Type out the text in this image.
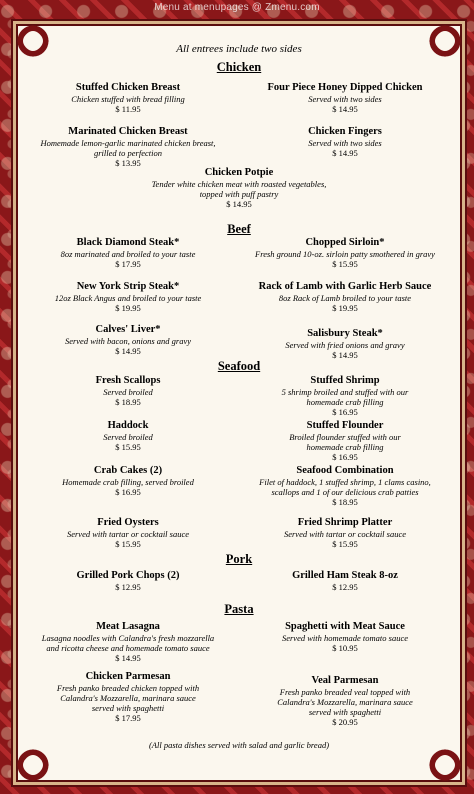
Menu at menupages @ Zmenu.com
All entrees include two sides
Chicken
Stuffed Chicken Breast
Chicken stuffed with bread filling
$ 11.95
Four Piece Honey Dipped Chicken
Served with two sides
$ 14.95
Marinated Chicken Breast
Homemade lemon-garlic marinated chicken breast,
grilled to perfection
$ 13.95
Chicken Fingers
Served with two sides
$ 14.95
Chicken Potpie
Tender white chicken meat with roasted vegetables,
topped with puff pastry
$ 14.95
Beef
Black Diamond Steak*
8oz marinated and broiled to your taste
$ 17.95
Chopped Sirloin*
Fresh ground 10-oz. sirloin patty smothered in gravy
$ 15.95
New York Strip Steak*
12oz Black Angus and broiled to your taste
$ 19.95
Rack of Lamb with Garlic Herb Sauce
8oz Rack of Lamb broiled to your taste
$ 19.95
Calves' Liver*
Served with bacon, onions and gravy
$ 14.95
Salisbury Steak*
Served with fried onions and gravy
$ 14.95
Seafood
Fresh Scallops
Served broiled
$ 18.95
Stuffed Shrimp
5 shrimp broiled and stuffed with our
homemade crab filling
$ 16.95
Haddock
Served broiled
$ 15.95
Stuffed Flounder
Broiled flounder stuffed with our
homemade crab filling
$ 16.95
Crab Cakes (2)
Homemade crab filling, served broiled
$ 16.95
Seafood Combination
Filet of haddock, 1 stuffed shrimp, 1 clams casino,
scallops and 1 of our delicious crab patties
$ 18.95
Fried Oysters
Served with tartar or cocktail sauce
$ 15.95
Fried Shrimp Platter
Served with tartar or cocktail sauce
$ 15.95
Pork
Grilled Pork Chops (2)
$ 12.95
Grilled Ham Steak 8-oz
$ 12.95
Pasta
Meat Lasagna
Lasagna noodles with Calandra's fresh mozzarella
and ricotta cheese and homemade tomato sauce
$ 14.95
Spaghetti with Meat Sauce
Served with homemade tomato sauce
$ 10.95
Chicken Parmesan
Fresh panko breaded chicken topped with
Calandra's Mozzarella, marinara sauce
served with spaghetti
$ 17.95
Veal Parmesan
Fresh panko breaded veal topped with
Calandra's Mozzarella, marinara sauce
served with spaghetti
$ 20.95
(All pasta dishes served with salad and garlic bread)
